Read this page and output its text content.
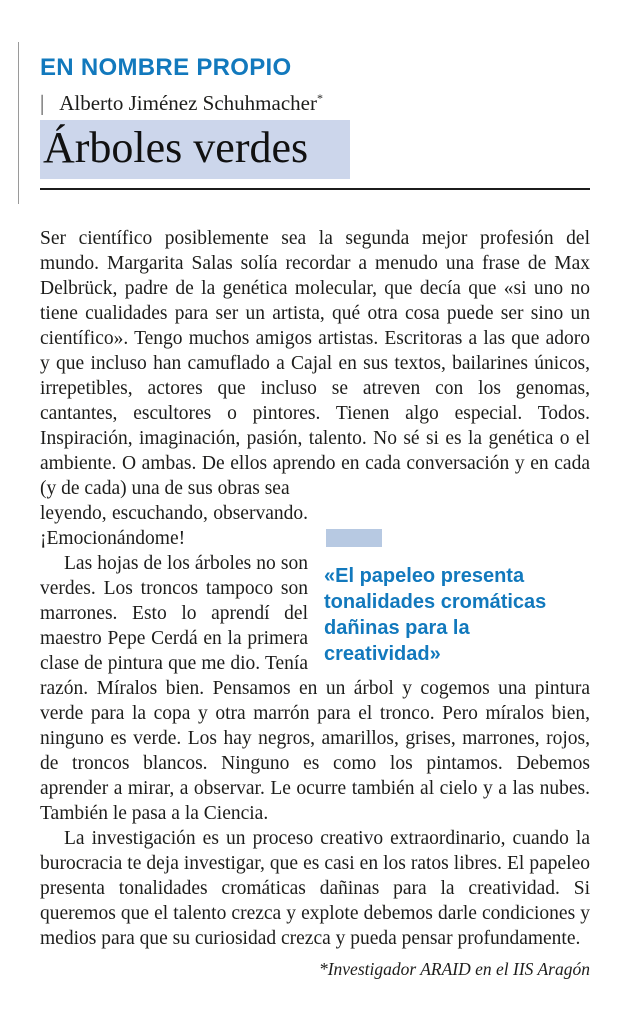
EN NOMBRE PROPIO
| Alberto Jiménez Schuhmacher*
Árboles verdes

Ser científico posiblemente sea la segunda mejor profesión del mundo. Margarita Salas solía recordar a menudo una frase de Max Delbrück, padre de la genética molecular, que decía que «si uno no tiene cualidades para ser un artista, qué otra cosa puede ser sino un científico». Tengo muchos amigos artistas. Escritoras a las que adoro y que incluso han camuflado a Cajal en sus textos, bailarines únicos, irrepetibles, actores que incluso se atreven con los genomas, cantantes, escultores o pintores. Tienen algo especial. Todos. Inspiración, imaginación, pasión, talento. No sé si es la genética o el ambiente. O ambas. De ellos aprendo en cada conversación y en cada (y de cada) una de sus obras sea

«El papeleo presenta tonalidades cromáticas dañinas para la creatividad»
leyendo, escuchando, observando. ¡Emocionándome!

Las hojas de los árboles no son verdes. Los troncos tampoco son marrones. Esto lo aprendí del maestro Pepe Cerdá en la primera clase de pintura que me dio. Tenía razón. Míralos bien. Pensamos en un árbol y cogemos una pintura verde para la copa y otra marrón para el tronco. Pero míralos bien, ninguno es verde. Los hay negros, amarillos, grises, marrones, rojos, de troncos blancos. Ninguno es como los pintamos. Debemos aprender a mirar, a observar. Le ocurre también al cielo y a las nubes. También le pasa a la Ciencia.

La investigación es un proceso creativo extraordinario, cuando la burocracia te deja investigar, que es casi en los ratos libres. El papeleo presenta tonalidades cromáticas dañinas para la creatividad. Si queremos que el talento crezca y explote debemos darle condiciones y medios para que su curiosidad crezca y pueda pensar profundamente.

*Investigador ARAID en el IIS Aragón
